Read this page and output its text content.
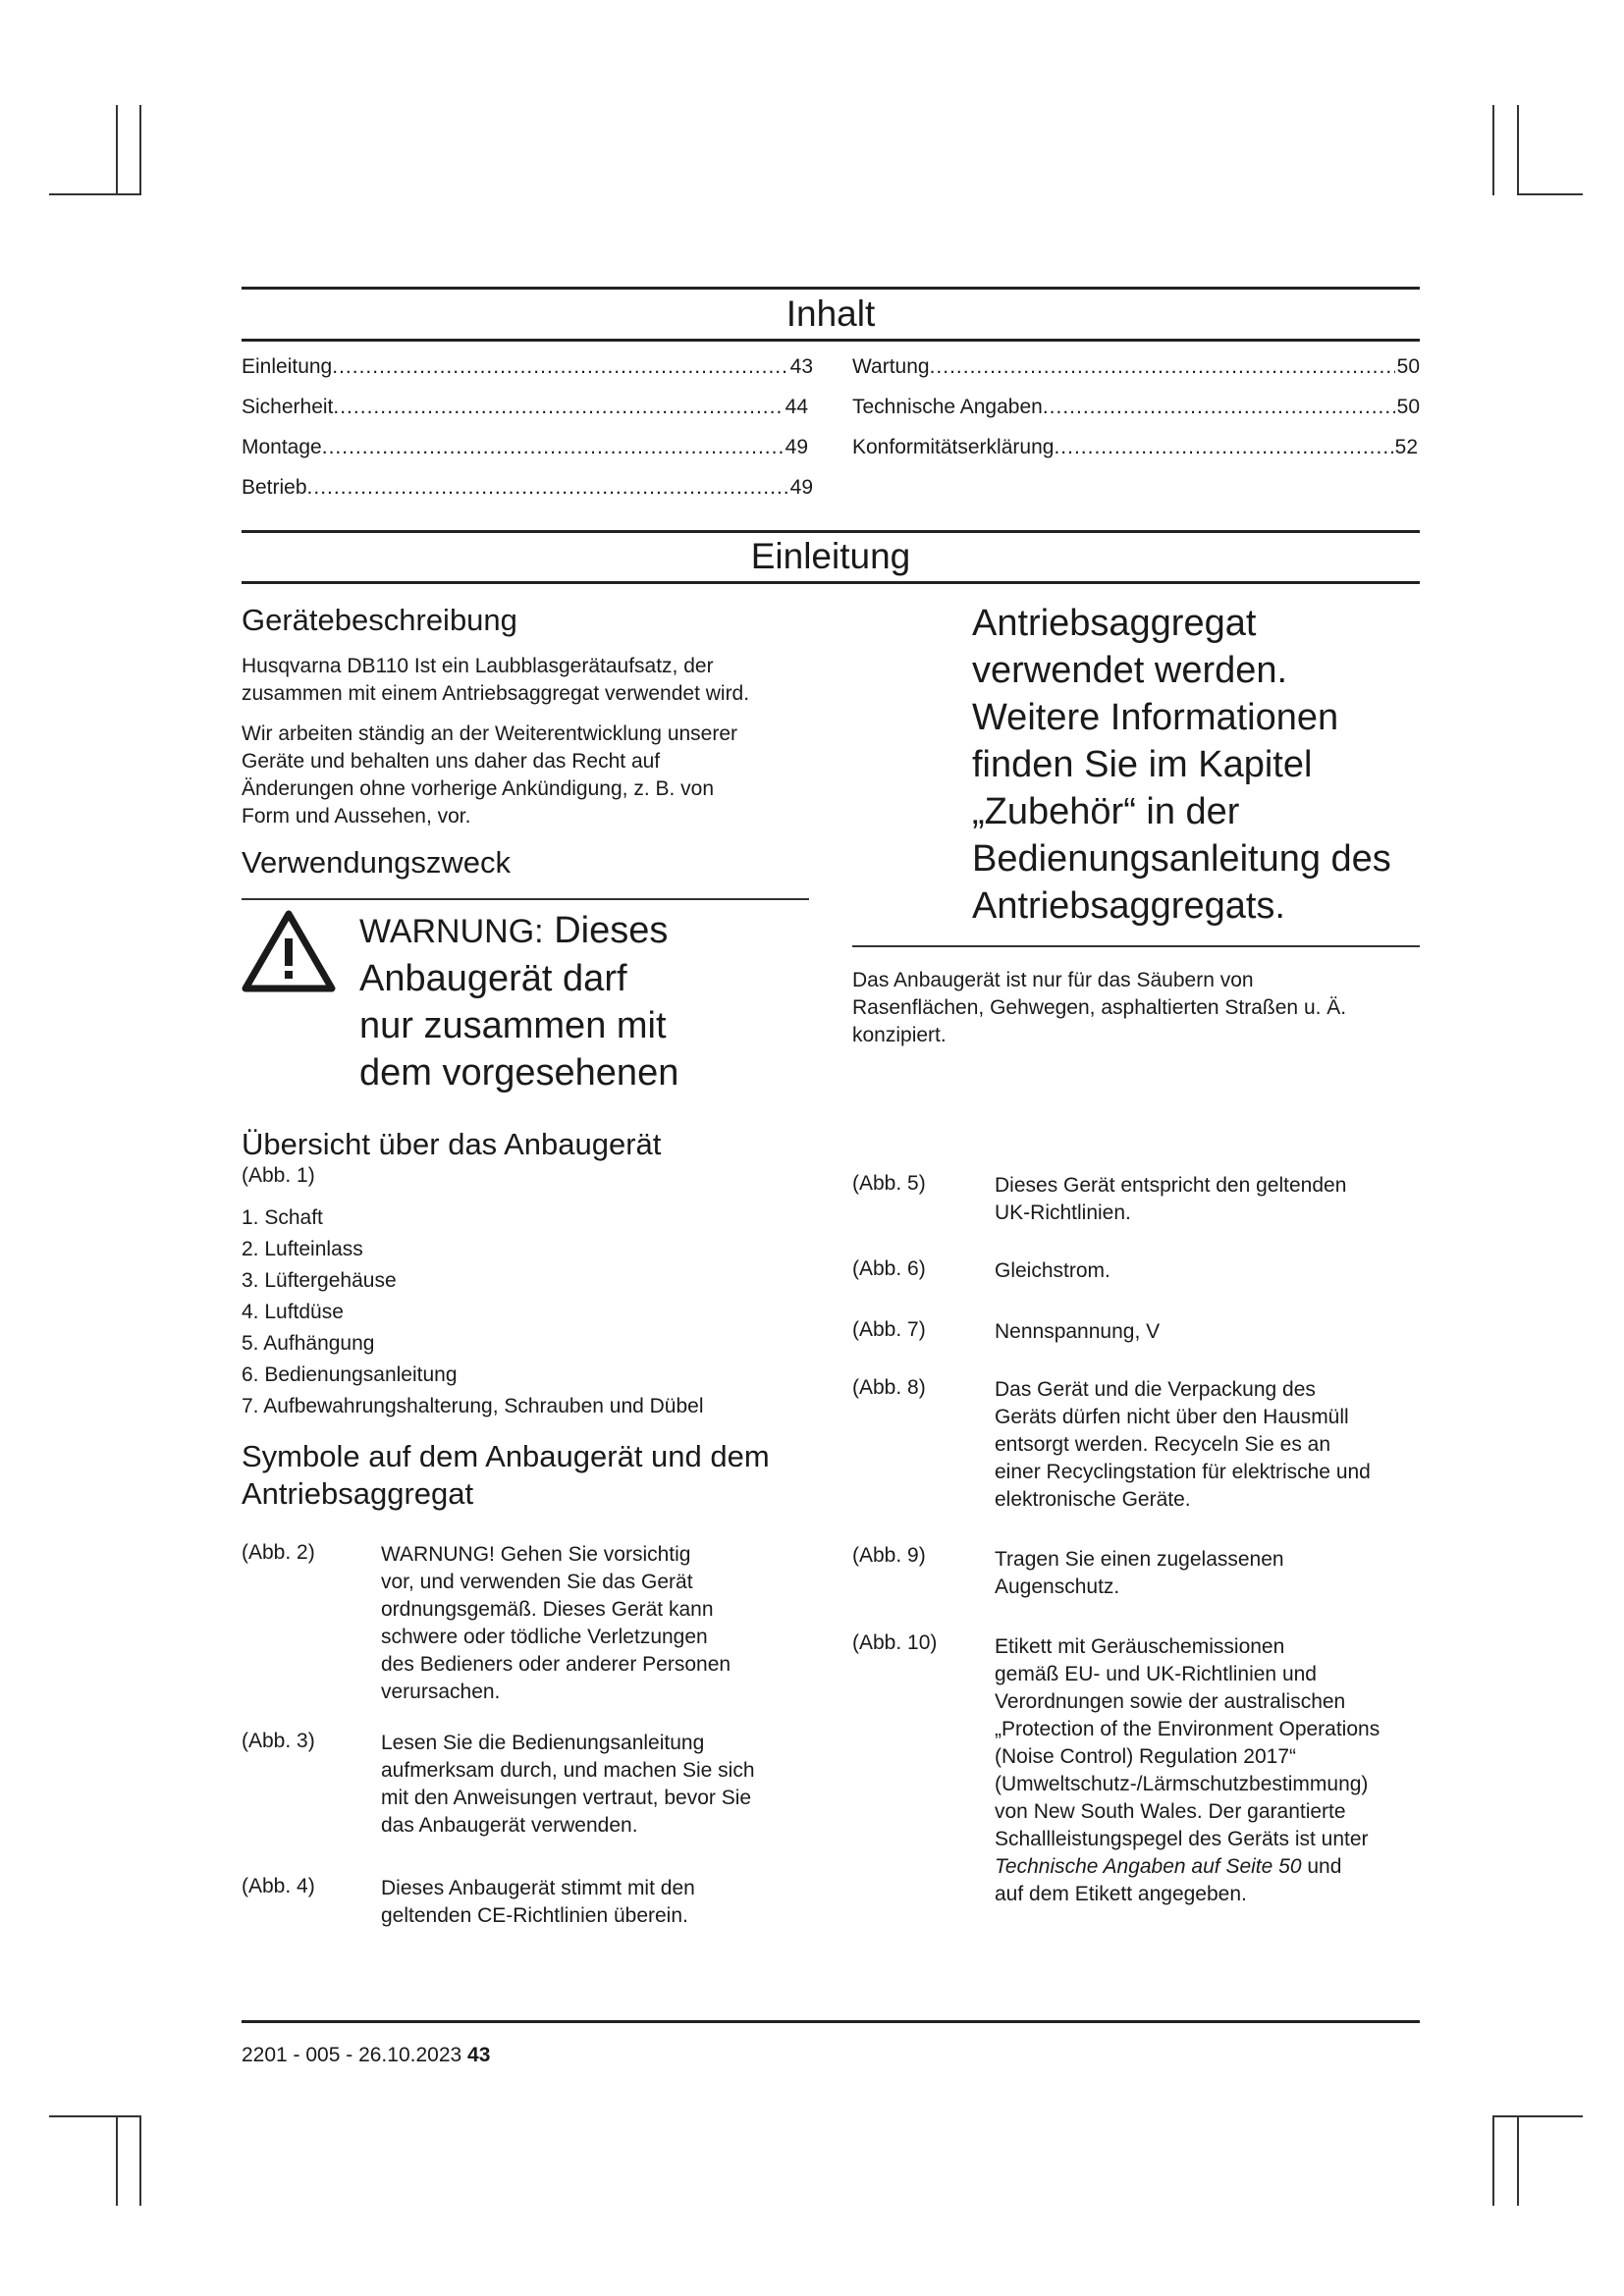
Inhalt
Einleitung .....	43
Sicherheit .....	44
Montage .....	49
Betrieb .....	49
Wartung .....	50
Technische Angaben .....	50
Konformitätserklärung .....	52
Einleitung
Gerätebeschreibung
Husqvarna DB110 Ist ein Laubblasgerätaufsatz, der
zusammen mit einem Antriebsaggregat verwendet wird.
Wir arbeiten ständig an der Weiterentwicklung unserer
Geräte und behalten uns daher das Recht auf
Änderungen ohne vorherige Ankündigung, z. B. von
Form und Aussehen, vor.
Verwendungszweck
WARNUNG: Dieses
Anbaugerät darf
nur zusammen mit
dem vorgesehenen
Antriebsaggregat
verwendet werden.
Weitere Informationen
finden Sie im Kapitel
„Zubehör“ in der
Bedienungsanleitung des
Antriebsaggregats.
Das Anbaugerät ist nur für das Säubern von
Rasenflächen, Gehwegen, asphaltierten Straßen u. Ä.
konzipiert.
Übersicht über das Anbaugerät
(Abb. 1)
1. Schaft
2. Lufteinlass
3. Lüftergehäuse
4. Luftdüse
5. Aufhängung
6. Bedienungsanleitung
7. Aufbewahrungshalterung, Schrauben und Dübel
Symbole auf dem Anbaugerät und dem
Antriebsaggregat
(Abb. 2)	WARNUNG! Gehen Sie vorsichtig
vor, und verwenden Sie das Gerät
ordnungsgemäß. Dieses Gerät kann
schwere oder tödliche Verletzungen
des Bedieners oder anderer Personen
verursachen.
(Abb. 3)	Lesen Sie die Bedienungsanleitung
aufmerksam durch, und machen Sie sich
mit den Anweisungen vertraut, bevor Sie
das Anbaugerät verwenden.
(Abb. 4)	Dieses Anbaugerät stimmt mit den
geltenden CE-Richtlinien überein.
(Abb. 5)	Dieses Gerät entspricht den geltenden
UK-Richtlinien.
(Abb. 6)	Gleichstrom.
(Abb. 7)	Nennspannung, V
(Abb. 8)	Das Gerät und die Verpackung des
Geräts dürfen nicht über den Hausmüll
entsorgt werden. Recyceln Sie es an
einer Recyclingstation für elektrische und
elektronische Geräte.
(Abb. 9)	Tragen Sie einen zugelassenen
Augenschutz.
(Abb. 10)	Etikett mit Geräuschemissionen
gemäß EU- und UK-Richtlinien und
Verordnungen sowie der australischen
„Protection of the Environment Operations
(Noise Control) Regulation 2017“
(Umweltschutz-/Lärmschutzbestimmung)
von New South Wales. Der garantierte
Schallleistungspegel des Geräts ist unter
Technische Angaben auf Seite 50 und
auf dem Etikett angegeben.
2201 - 005 - 26.10.2023 43
